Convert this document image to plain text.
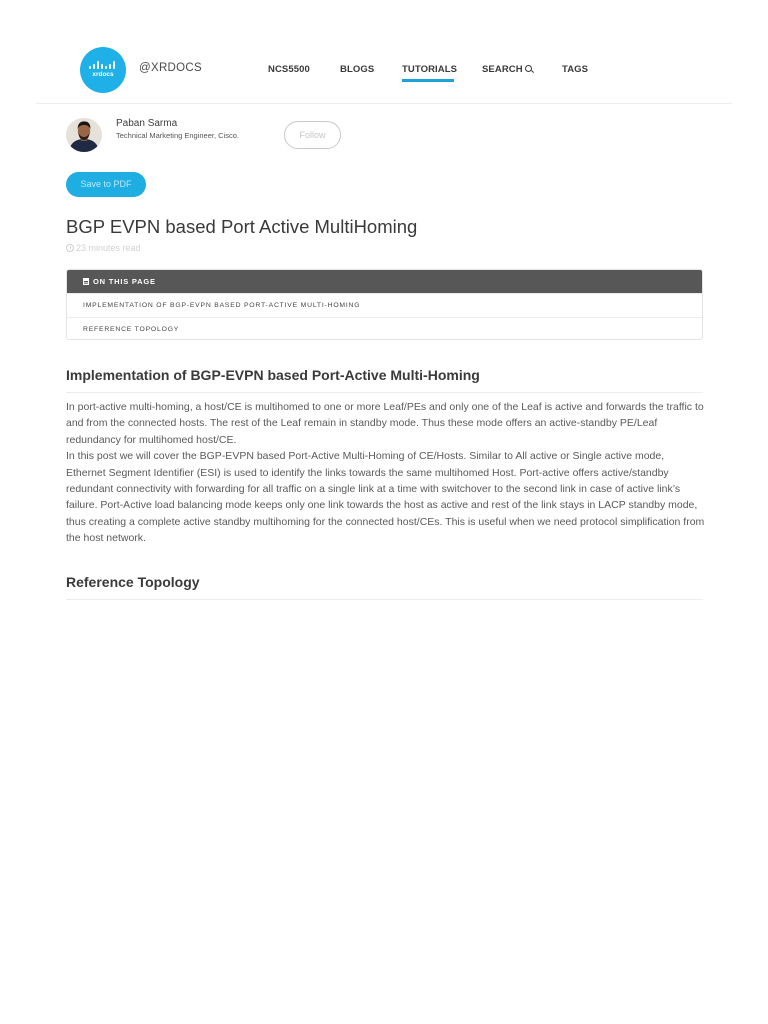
xrdocs
@XRDOCS	NCS5500	BLOGS	TUTORIALS	SEARCH	TAGS
Paban Sarma
Technical Marketing Engineer, Cisco.	Follow
Save to PDF
BGP EVPN based Port Active MultiHoming
23 minutes read
ON THIS PAGE
IMPLEMENTATION OF BGP-EVPN BASED PORT-ACTIVE MULTI-HOMING
REFERENCE TOPOLOGY
Implementation of BGP-EVPN based Port-Active Multi-Homing

In port-active multi-homing, a host/CE is multihomed to one or more Leaf/PEs and only one of the Leaf is active and forwards the traffic to and from the connected hosts. The rest of the Leaf remain in standby mode. Thus these mode offers an active-standby PE/Leaf redundancy for multihomed host/CE.

In this post we will cover the BGP-EVPN based Port-Active Multi-Homing of CE/Hosts. Similar to All active or Single active mode, Ethernet Segment Identifier (ESI) is used to identify the links towards the same multihomed Host. Port-active offers active/standby redundant connectivity with forwarding for all traffic on a single link at a time with switchover to the second link in case of active link’s failure. Port-Active load balancing mode keeps only one link towards the host as active and rest of the link stays in LACP standby mode, thus creating a complete active standby multihoming for the connected host/CEs. This is useful when we need protocol simplification from the host network.

Reference Topology
